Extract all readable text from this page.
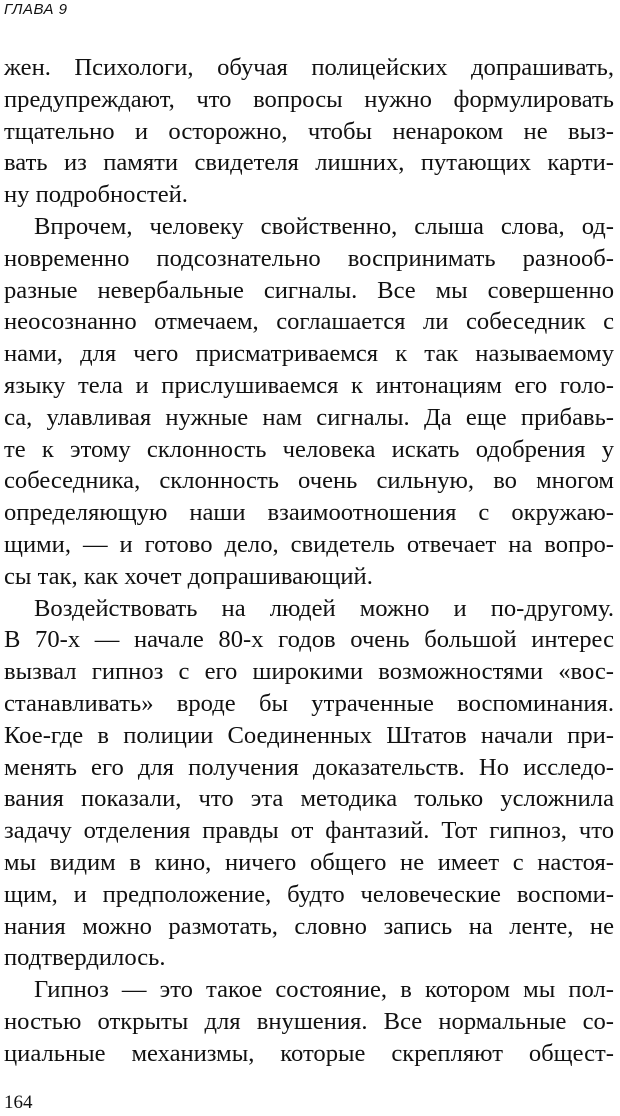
ГЛАВА 9
жен. Психологи, обучая полицейских допрашивать,
предупреждают, что вопросы нужно формулировать
тщательно и осторожно, чтобы ненароком не выз-
вать из памяти свидетеля лишних, путающих карти-
ну подробностей.
Впрочем, человеку свойственно, слыша слова, од-
новременно подсознательно воспринимать разнооб-
разные невербальные сигналы. Все мы совершенно
неосознанно отмечаем, соглашается ли собеседник с
нами, для чего присматриваемся к так называемому
языку тела и прислушиваемся к интонациям его голо-
са, улавливая нужные нам сигналы. Да еще прибавь-
те к этому склонность человека искать одобрения у
собеседника, склонность очень сильную, во многом
определяющую наши взаимоотношения с окружаю-
щими, — и готово дело, свидетель отвечает на вопро-
сы так, как хочет допрашивающий.
Воздействовать на людей можно и по-другому.
В 70-х — начале 80-х годов очень большой интерес
вызвал гипноз с его широкими возможностями «вос-
станавливать» вроде бы утраченные воспоминания.
Кое-где в полиции Соединенных Штатов начали при-
менять его для получения доказательств. Но исследо-
вания показали, что эта методика только усложнила
задачу отделения правды от фантазий. Тот гипноз, что
мы видим в кино, ничего общего не имеет с настоя-
щим, и предположение, будто человеческие воспоми-
нания можно размотать, словно запись на ленте, не
подтвердилось.
Гипноз — это такое состояние, в котором мы пол-
ностью открыты для внушения. Все нормальные со-
циальные механизмы, которые скрепляют общест-
164
